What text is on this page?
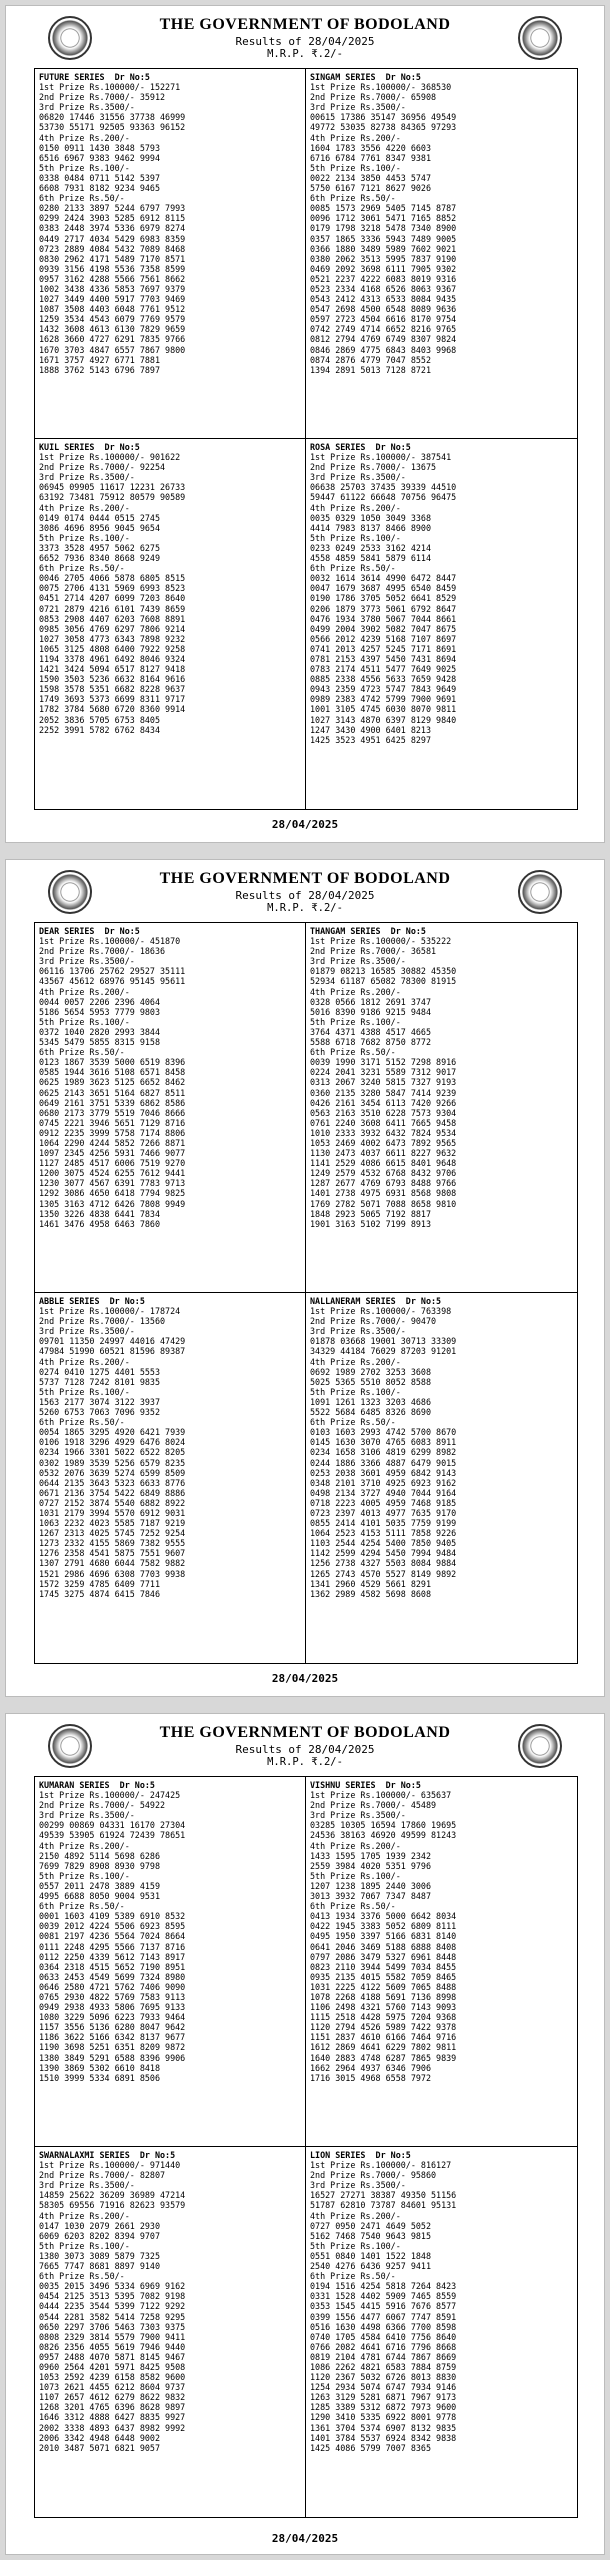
THE GOVERNMENT OF BODOLAND
Results of 28/04/2025
M.R.P. ₹.2/-
FUTURE SERIES  Dr No:5
1st Prize Rs.100000/- 152271
2nd Prize Rs.7000/- 35912
3rd Prize Rs.3500/-
06820 17446 31556 37738 46999
53730 55171 92505 93363 96152
4th Prize Rs.200/-
0150 0911 1430 3848 5793
6516 6967 9383 9462 9994
5th Prize Rs.100/-
0338 0484 0711 5142 5397
6608 7931 8182 9234 9465
6th Prize Rs.50/-
0280 2133 3897 5244 6797 7993
0299 2424 3903 5285 6912 8115
0383 2448 3974 5336 6979 8274
0449 2717 4034 5429 6983 8359
0723 2889 4084 5432 7089 8468
0830 2962 4171 5489 7170 8571
0939 3156 4198 5536 7358 8599
0957 3162 4288 5566 7561 8662
1002 3438 4336 5853 7697 9379
1027 3449 4400 5917 7703 9469
1087 3508 4403 6048 7761 9512
1259 3534 4543 6079 7769 9579
1432 3608 4613 6130 7829 9659
1628 3660 4727 6291 7835 9766
1670 3703 4847 6557 7867 9800
1671 3757 4927 6771 7881
1888 3762 5143 6796 7897
SINGAM SERIES  Dr No:5
1st Prize Rs.100000/- 368530
2nd Prize Rs.7000/- 65908
3rd Prize Rs.3500/-
00615 17386 35147 36956 49549
49772 53035 82738 84365 97293
4th Prize Rs.200/-
1604 1783 3556 4220 6603
6716 6784 7761 8347 9381
5th Prize Rs.100/-
0022 2134 3850 4453 5747
5750 6167 7121 8627 9026
6th Prize Rs.50/-
0085 1573 2969 5405 7145 8787
0096 1712 3061 5471 7165 8852
0179 1798 3218 5478 7340 8900
0357 1865 3336 5943 7489 9005
0366 1880 3489 5989 7602 9021
0380 2062 3513 5995 7837 9190
0469 2092 3698 6111 7905 9302
0521 2237 4222 6083 8019 9316
0523 2334 4168 6526 8063 9367
0543 2412 4313 6533 8084 9435
0547 2698 4500 6548 8089 9636
0597 2723 4504 6616 8170 9754
0742 2749 4714 6652 8216 9765
0812 2794 4769 6749 8307 9824
0846 2869 4775 6843 8403 9968
0874 2876 4779 7047 8552
1394 2891 5013 7128 8721
KUIL SERIES  Dr No:5
1st Prize Rs.100000/- 901622
2nd Prize Rs.7000/- 92254
3rd Prize Rs.3500/-
06945 09905 11617 12231 26733
63192 73481 75912 80579 90589
4th Prize Rs.200/-
0149 0174 0444 0515 2745
3086 4696 8956 9045 9654
5th Prize Rs.100/-
3373 3528 4957 5062 6275
6652 7936 8340 8668 9249
6th Prize Rs.50/-
0046 2705 4066 5878 6805 8515
0075 2706 4131 5969 6993 8523
0451 2714 4207 6099 7203 8640
0721 2879 4216 6101 7439 8659
0853 2908 4407 6203 7608 8891
0985 3056 4769 6297 7806 9214
1027 3058 4773 6343 7898 9232
1065 3125 4808 6400 7922 9258
1194 3378 4961 6492 8046 9324
1421 3424 5094 6517 8127 9418
1590 3503 5236 6632 8164 9616
1598 3578 5351 6682 8228 9637
1749 3693 5373 6699 8311 9717
1782 3784 5680 6720 8360 9914
2052 3836 5705 6753 8405
2252 3991 5782 6762 8434
ROSA SERIES  Dr No:5
1st Prize Rs.100000/- 387541
2nd Prize Rs.7000/- 13675
3rd Prize Rs.3500/-
06638 25703 37435 39339 44510
59447 61122 66648 70756 96475
4th Prize Rs.200/-
0035 0329 1050 3049 3368
4414 7983 8137 8466 8900
5th Prize Rs.100/-
0233 0249 2533 3162 4214
4558 4859 5841 5879 6114
6th Prize Rs.50/-
0032 1614 3614 4990 6472 8447
0047 1679 3687 4995 6540 8459
0190 1786 3705 5052 6641 8529
0206 1879 3773 5061 6792 8647
0476 1934 3780 5067 7044 8661
0499 2004 3902 5082 7047 8675
0566 2012 4239 5168 7107 8697
0741 2013 4257 5245 7171 8691
0781 2153 4397 5450 7431 8694
0783 2174 4511 5477 7649 9025
0885 2338 4556 5633 7659 9428
0943 2359 4723 5747 7843 9649
0989 2383 4742 5799 7900 9691
1001 3105 4745 6030 8070 9811
1027 3143 4870 6397 8129 9840
1247 3430 4900 6401 8213
1425 3523 4951 6425 8297
28/04/2025
THE GOVERNMENT OF BODOLAND
Results of 28/04/2025
M.R.P. ₹.2/-
DEAR SERIES  Dr No:5
1st Prize Rs.100000/- 451870
2nd Prize Rs.7000/- 18636
3rd Prize Rs.3500/-
06116 13706 25762 29527 35111
43567 45612 68976 95145 95611
4th Prize Rs.200/-
0044 0057 2206 2396 4064
5186 5654 5953 7779 9803
5th Prize Rs.100/-
0372 1040 2820 2993 3844
5345 5479 5855 8315 9158
6th Prize Rs.50/-
0123 1867 3539 5000 6519 8396
0585 1944 3616 5108 6571 8458
0625 1989 3623 5125 6652 8462
0625 2143 3651 5164 6827 8511
0649 2161 3751 5339 6862 8586
0680 2173 3779 5519 7046 8666
0745 2221 3946 5651 7129 8716
0912 2235 3999 5758 7174 8806
1064 2290 4244 5852 7266 8871
1097 2345 4256 5931 7466 9077
1127 2485 4517 6006 7519 9270
1200 3075 4524 6255 7612 9441
1230 3077 4567 6391 7783 9713
1292 3086 4650 6418 7794 9825
1305 3163 4712 6426 7808 9949
1350 3226 4838 6441 7834
1461 3476 4958 6463 7860
THANGAM SERIES  Dr No:5
1st Prize Rs.100000/- 535222
2nd Prize Rs.7000/- 36581
3rd Prize Rs.3500/-
01879 08213 16585 30882 45350
52934 61187 65082 78300 81915
4th Prize Rs.200/-
0328 0566 1812 2691 3747
5016 8390 9186 9215 9484
5th Prize Rs.100/-
3764 4371 4388 4517 4665
5588 6718 7682 8750 8772
6th Prize Rs.50/-
0039 1990 3171 5152 7298 8916
0224 2041 3231 5589 7312 9017
0313 2067 3240 5815 7327 9193
0360 2135 3280 5847 7414 9239
0426 2161 3454 6113 7420 9266
0563 2163 3510 6228 7573 9304
0761 2240 3608 6411 7665 9458
1010 2333 3932 6432 7824 9534
1053 2469 4002 6473 7892 9565
1130 2473 4037 6611 8227 9632
1141 2529 4086 6615 8401 9648
1249 2579 4532 6768 8432 9706
1287 2677 4769 6793 8488 9766
1401 2738 4975 6931 8568 9808
1769 2782 5071 7088 8658 9810
1848 2923 5065 7192 8817
1901 3163 5102 7199 8913
ABBLE SERIES  Dr No:5
1st Prize Rs.100000/- 178724
2nd Prize Rs.7000/- 13560
3rd Prize Rs.3500/-
09701 11350 24997 44016 47429
47984 51990 60521 81596 89387
4th Prize Rs.200/-
0274 0410 1275 4401 5553
5737 7128 7242 8101 9835
5th Prize Rs.100/-
1563 2177 3074 3122 3937
5260 6753 7063 7096 9352
6th Prize Rs.50/-
0054 1865 3295 4920 6421 7939
0106 1918 3296 4929 6476 8024
0234 1966 3301 5022 6522 8205
0302 1989 3539 5256 6579 8235
0532 2076 3639 5274 6599 8509
0644 2135 3643 5323 6633 8776
0671 2136 3754 5422 6849 8886
0727 2152 3874 5540 6882 8922
1031 2179 3994 5570 6912 9031
1063 2232 4023 5585 7187 9219
1267 2313 4025 5745 7252 9254
1273 2332 4155 5869 7382 9555
1276 2358 4541 5875 7551 9607
1307 2791 4680 6044 7582 9882
1521 2986 4696 6308 7703 9938
1572 3259 4785 6409 7711
1745 3275 4874 6415 7846
NALLANERAM SERIES  Dr No:5
1st Prize Rs.100000/- 763398
2nd Prize Rs.7000/- 90470
3rd Prize Rs.3500/-
01878 03668 19001 30713 33309
34329 44184 76029 87203 91201
4th Prize Rs.200/-
0692 1989 2702 3253 3608
5025 5365 5510 8052 8588
5th Prize Rs.100/-
1091 1261 1323 3203 4686
5522 5684 6485 8326 8690
6th Prize Rs.50/-
0103 1603 2993 4742 5700 8670
0145 1630 3070 4765 6083 8911
0234 1658 3106 4819 6299 8982
0244 1886 3366 4887 6479 9015
0253 2038 3601 4959 6842 9143
0348 2101 3710 4925 6923 9162
0498 2134 3727 4940 7044 9164
0718 2223 4005 4959 7468 9185
0723 2397 4013 4977 7635 9170
0855 2414 4101 5035 7759 9199
1064 2523 4153 5111 7858 9226
1103 2544 4254 5400 7850 9405
1142 2599 4294 5450 7994 9484
1256 2738 4327 5503 8084 9884
1265 2743 4570 5527 8149 9892
1341 2960 4529 5661 8291
1362 2989 4582 5698 8608
28/04/2025
THE GOVERNMENT OF BODOLAND
Results of 28/04/2025
M.R.P. ₹.2/-
KUMARAN SERIES  Dr No:5
1st Prize Rs.100000/- 247425
2nd Prize Rs.7000/- 54922
3rd Prize Rs.3500/-
00299 00869 04331 16170 27304
49539 53905 61924 72439 78651
4th Prize Rs.200/-
2150 4892 5114 5698 6286
7699 7829 8908 8930 9798
5th Prize Rs.100/-
0557 2011 2478 3889 4159
4995 6688 8050 9004 9531
6th Prize Rs.50/-
0001 1603 4109 5389 6910 8532
0039 2012 4224 5506 6923 8595
0081 2197 4236 5564 7024 8664
0111 2248 4295 5566 7137 8716
0112 2250 4339 5612 7143 8917
0364 2318 4515 5652 7190 8951
0633 2453 4549 5699 7324 8980
0646 2580 4721 5762 7406 9090
0765 2930 4822 5769 7583 9113
0949 2938 4933 5806 7695 9133
1080 3229 5096 6223 7933 9464
1157 3556 5136 6280 8047 9642
1186 3622 5166 6342 8137 9677
1190 3698 5251 6351 8209 9872
1380 3849 5291 6588 8396 9906
1390 3869 5302 6610 8418
1510 3999 5334 6891 8506
VISHNU SERIES  Dr No:5
1st Prize Rs.100000/- 635637
2nd Prize Rs.7000/- 45489
3rd Prize Rs.3500/-
03285 10305 16594 17860 19695
24536 38163 46920 49599 81243
4th Prize Rs.200/-
1433 1595 1705 1939 2342
2559 3984 4020 5351 9796
5th Prize Rs.100/-
1207 1238 1895 2440 3006
3013 3932 7067 7347 8487
6th Prize Rs.50/-
0413 1934 3376 5000 6642 8034
0422 1945 3383 5052 6809 8111
0495 1950 3397 5166 6831 8140
0641 2046 3469 5188 6888 8408
0797 2086 3479 5327 6961 8448
0823 2110 3944 5499 7034 8455
0935 2135 4015 5582 7059 8465
1031 2225 4122 5609 7065 8488
1078 2268 4188 5691 7136 8998
1106 2498 4321 5760 7143 9093
1115 2518 4428 5975 7204 9368
1120 2794 4526 5989 7422 9378
1151 2837 4610 6166 7464 9716
1612 2869 4641 6229 7802 9811
1640 2883 4748 6287 7865 9839
1662 2964 4937 6346 7906
1716 3015 4968 6558 7972
SWARNALAXMI SERIES  Dr No:5
1st Prize Rs.100000/- 971440
2nd Prize Rs.7000/- 82807
3rd Prize Rs.3500/-
14859 25622 36209 36989 47214
58305 69556 71916 82623 93579
4th Prize Rs.200/-
0147 1030 2079 2661 2930
6069 6203 8202 8394 9707
5th Prize Rs.100/-
1380 3073 3089 5879 7325
7665 7747 8681 8897 9140
6th Prize Rs.50/-
0035 2015 3496 5334 6969 9162
0454 2125 3513 5395 7082 9198
0444 2235 3544 5399 7122 9292
0544 2281 3582 5414 7258 9295
0650 2297 3706 5463 7303 9375
0808 2329 3814 5579 7900 9411
0826 2356 4055 5619 7946 9440
0957 2488 4070 5871 8145 9467
0960 2564 4201 5971 8425 9508
1053 2592 4239 6158 8582 9600
1073 2621 4455 6212 8604 9737
1107 2657 4612 6279 8622 9832
1268 3201 4765 6396 8628 9897
1646 3312 4888 6427 8835 9927
2002 3338 4893 6437 8982 9992
2006 3342 4948 6448 9002
2010 3487 5071 6821 9057
LION SERIES  Dr No:5
1st Prize Rs.100000/- 816127
2nd Prize Rs.7000/- 95860
3rd Prize Rs.3500/-
16527 27271 38387 49350 51156
51787 62810 73787 84601 95131
4th Prize Rs.200/-
0727 0950 2471 4649 5052
5162 7468 7540 9643 9815
5th Prize Rs.100/-
0551 0840 1401 1522 1848
2540 4276 6436 9257 9411
6th Prize Rs.50/-
0194 1516 4254 5818 7264 8423
0331 1528 4402 5909 7465 8559
0353 1545 4415 5916 7676 8577
0399 1556 4477 6067 7747 8591
0516 1630 4498 6366 7700 8598
0740 1705 4584 6410 7756 8640
0766 2082 4641 6716 7796 8668
0819 2104 4781 6744 7867 8669
1086 2262 4821 6583 7884 8759
1120 2367 5032 6726 8013 8830
1254 2934 5074 6747 7934 9146
1263 3129 5281 6871 7967 9173
1285 3389 5312 6872 7973 9600
1290 3410 5335 6922 8001 9778
1361 3704 5374 6907 8132 9835
1401 3784 5537 6924 8342 9838
1425 4086 5799 7007 8365
28/04/2025
